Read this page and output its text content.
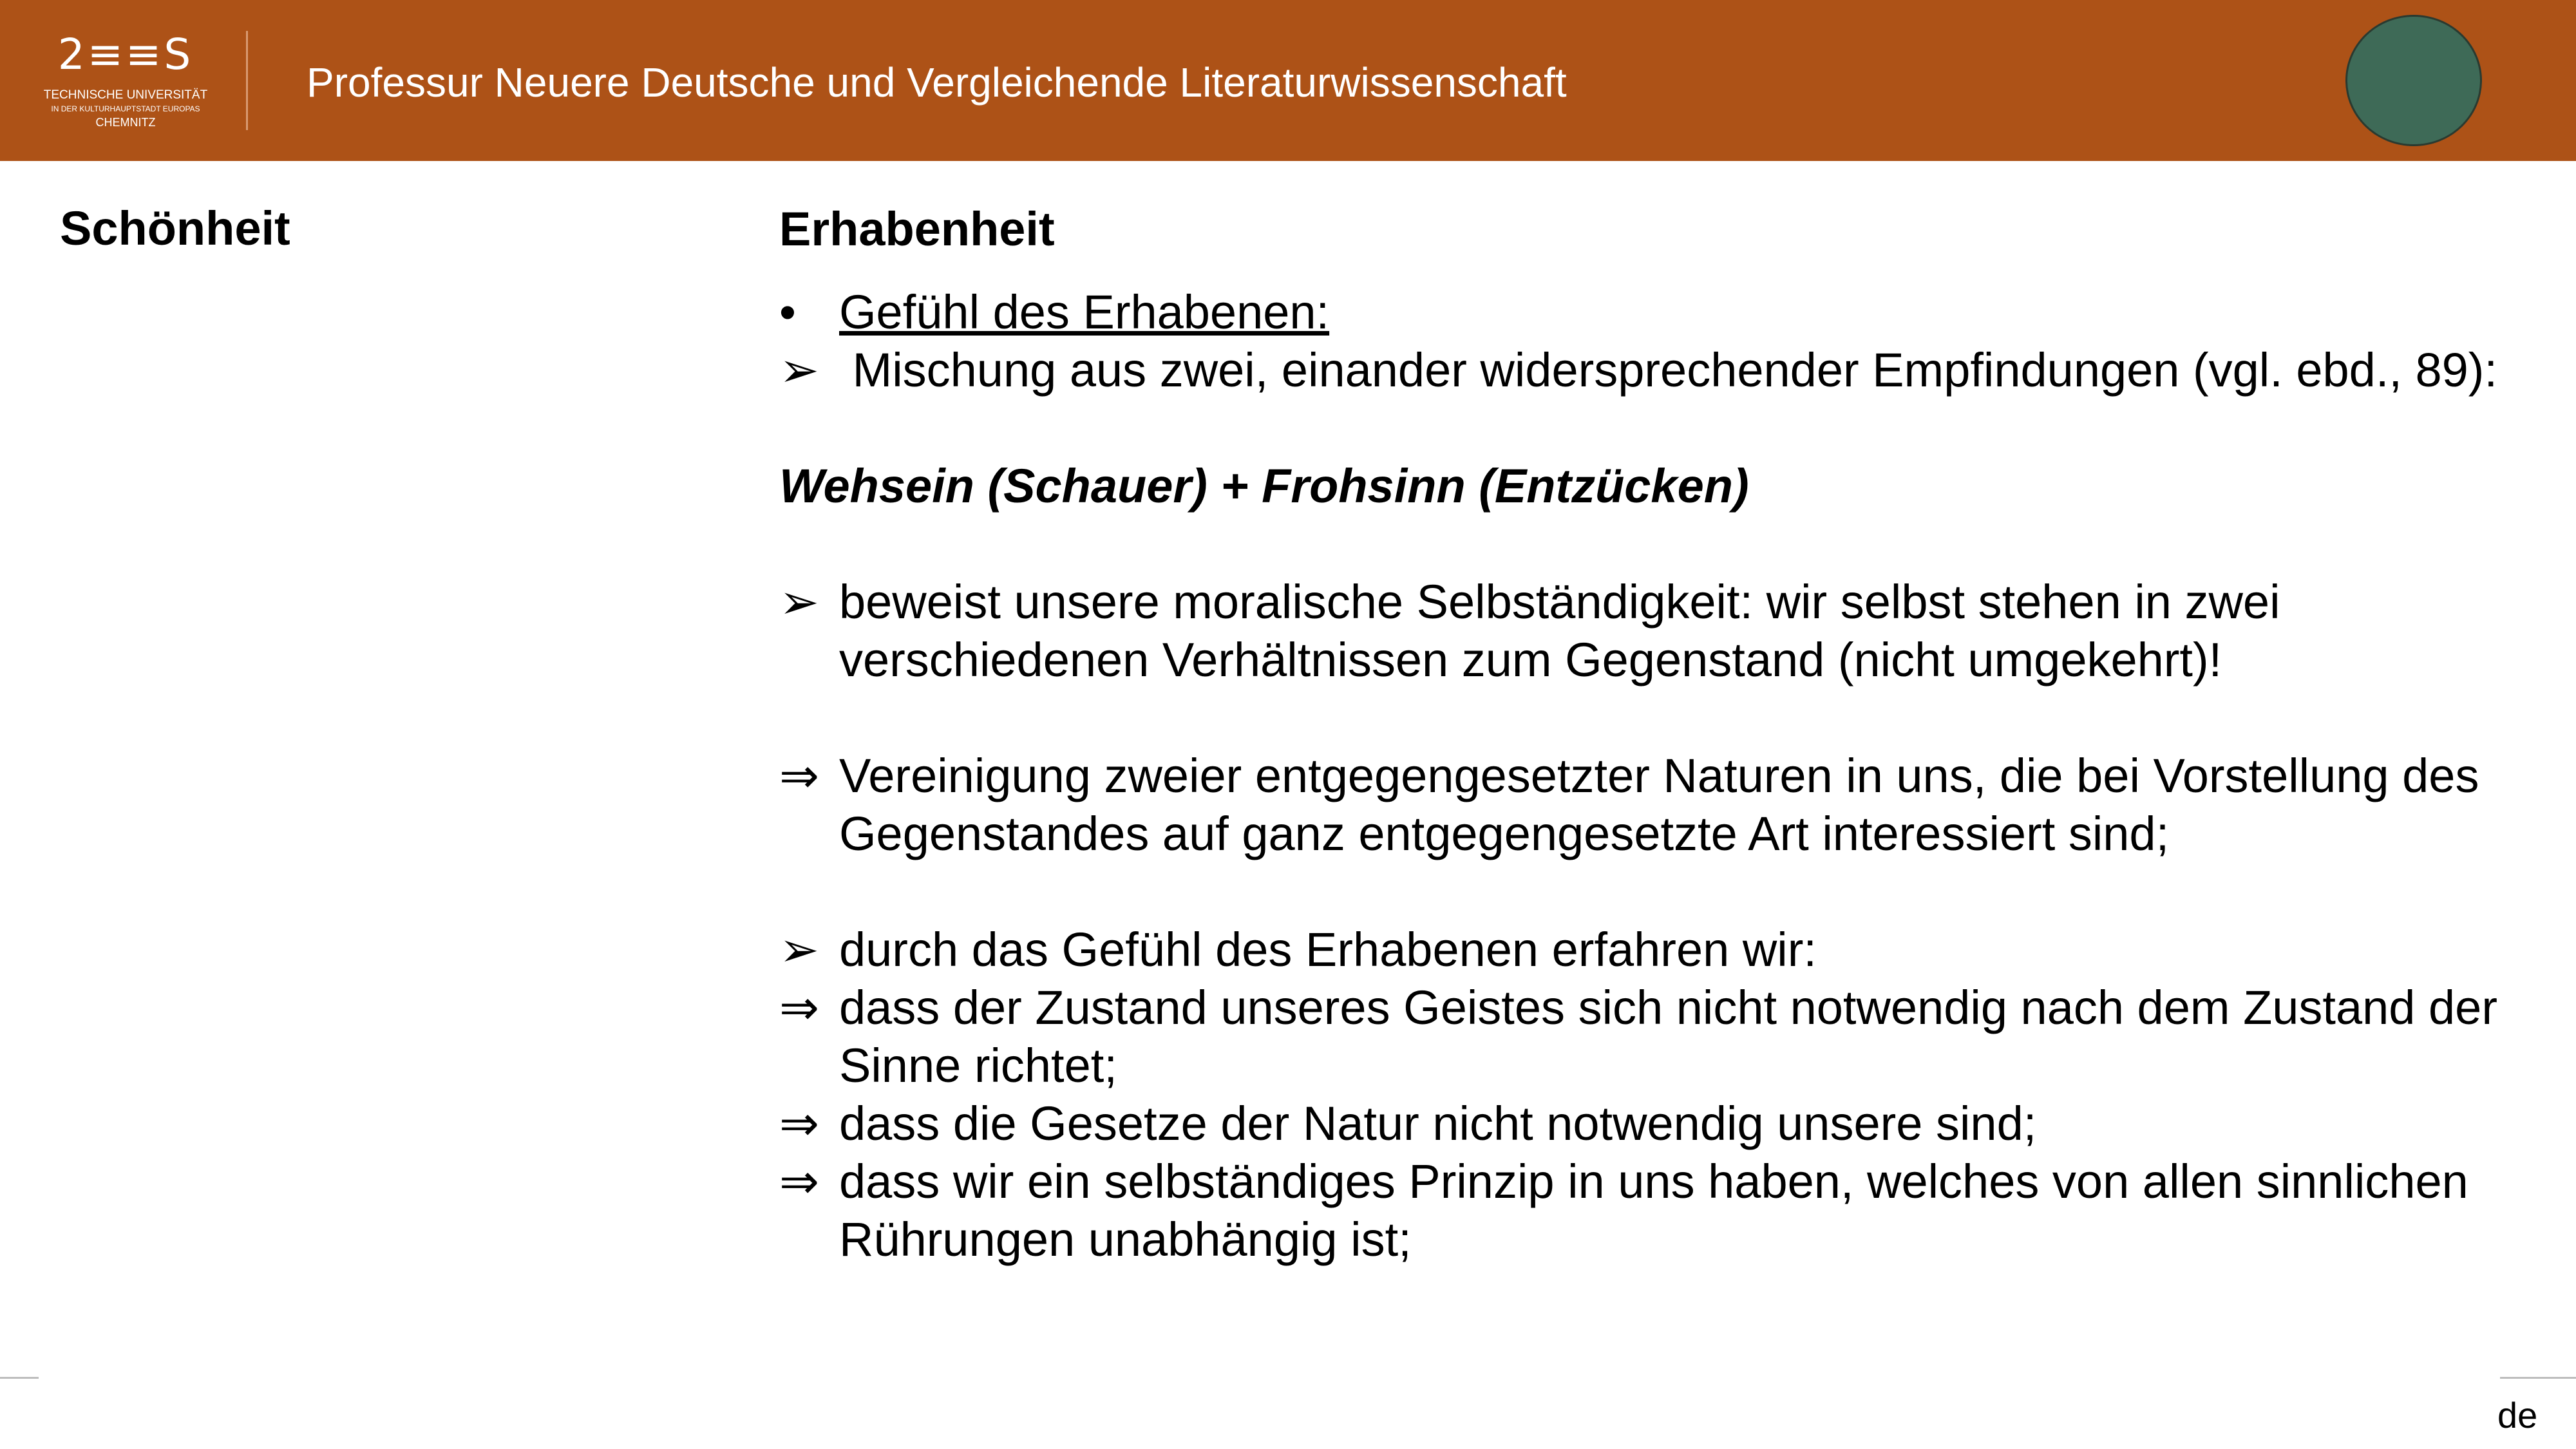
2≡≡S
TECHNISCHE UNIVERSITÄT
IN DER KULTURHAUPTSTADT EUROPAS
CHEMNITZ
Professur Neuere Deutsche und Vergleichende Literaturwissenschaft
Schönheit	Erhabenheit
• Gefühl des Erhabenen:
➢ Mischung aus zwei, einander widersprechender Empfindungen (vgl. ebd., 89):
Wehsein (Schauer) + Frohsinn (Entzücken)
➢ beweist unsere moralische Selbständigkeit: wir selbst stehen in zwei verschiedenen Verhältnissen zum Gegenstand (nicht umgekehrt)!
⇒ Vereinigung zweier entgegengesetzter Naturen in uns, die bei Vorstellung des Gegenstandes auf ganz entgegengesetzte Art interessiert sind;
➢ durch das Gefühl des Erhabenen erfahren wir:
⇒ dass der Zustand unseres Geistes sich nicht notwendig nach dem Zustand der Sinne richtet;
⇒ dass die Gesetze der Natur nicht notwendig unsere sind;
⇒ dass wir ein selbständiges Prinzip in uns haben, welches von allen sinnlichen Rührungen unabhängig ist;
de
